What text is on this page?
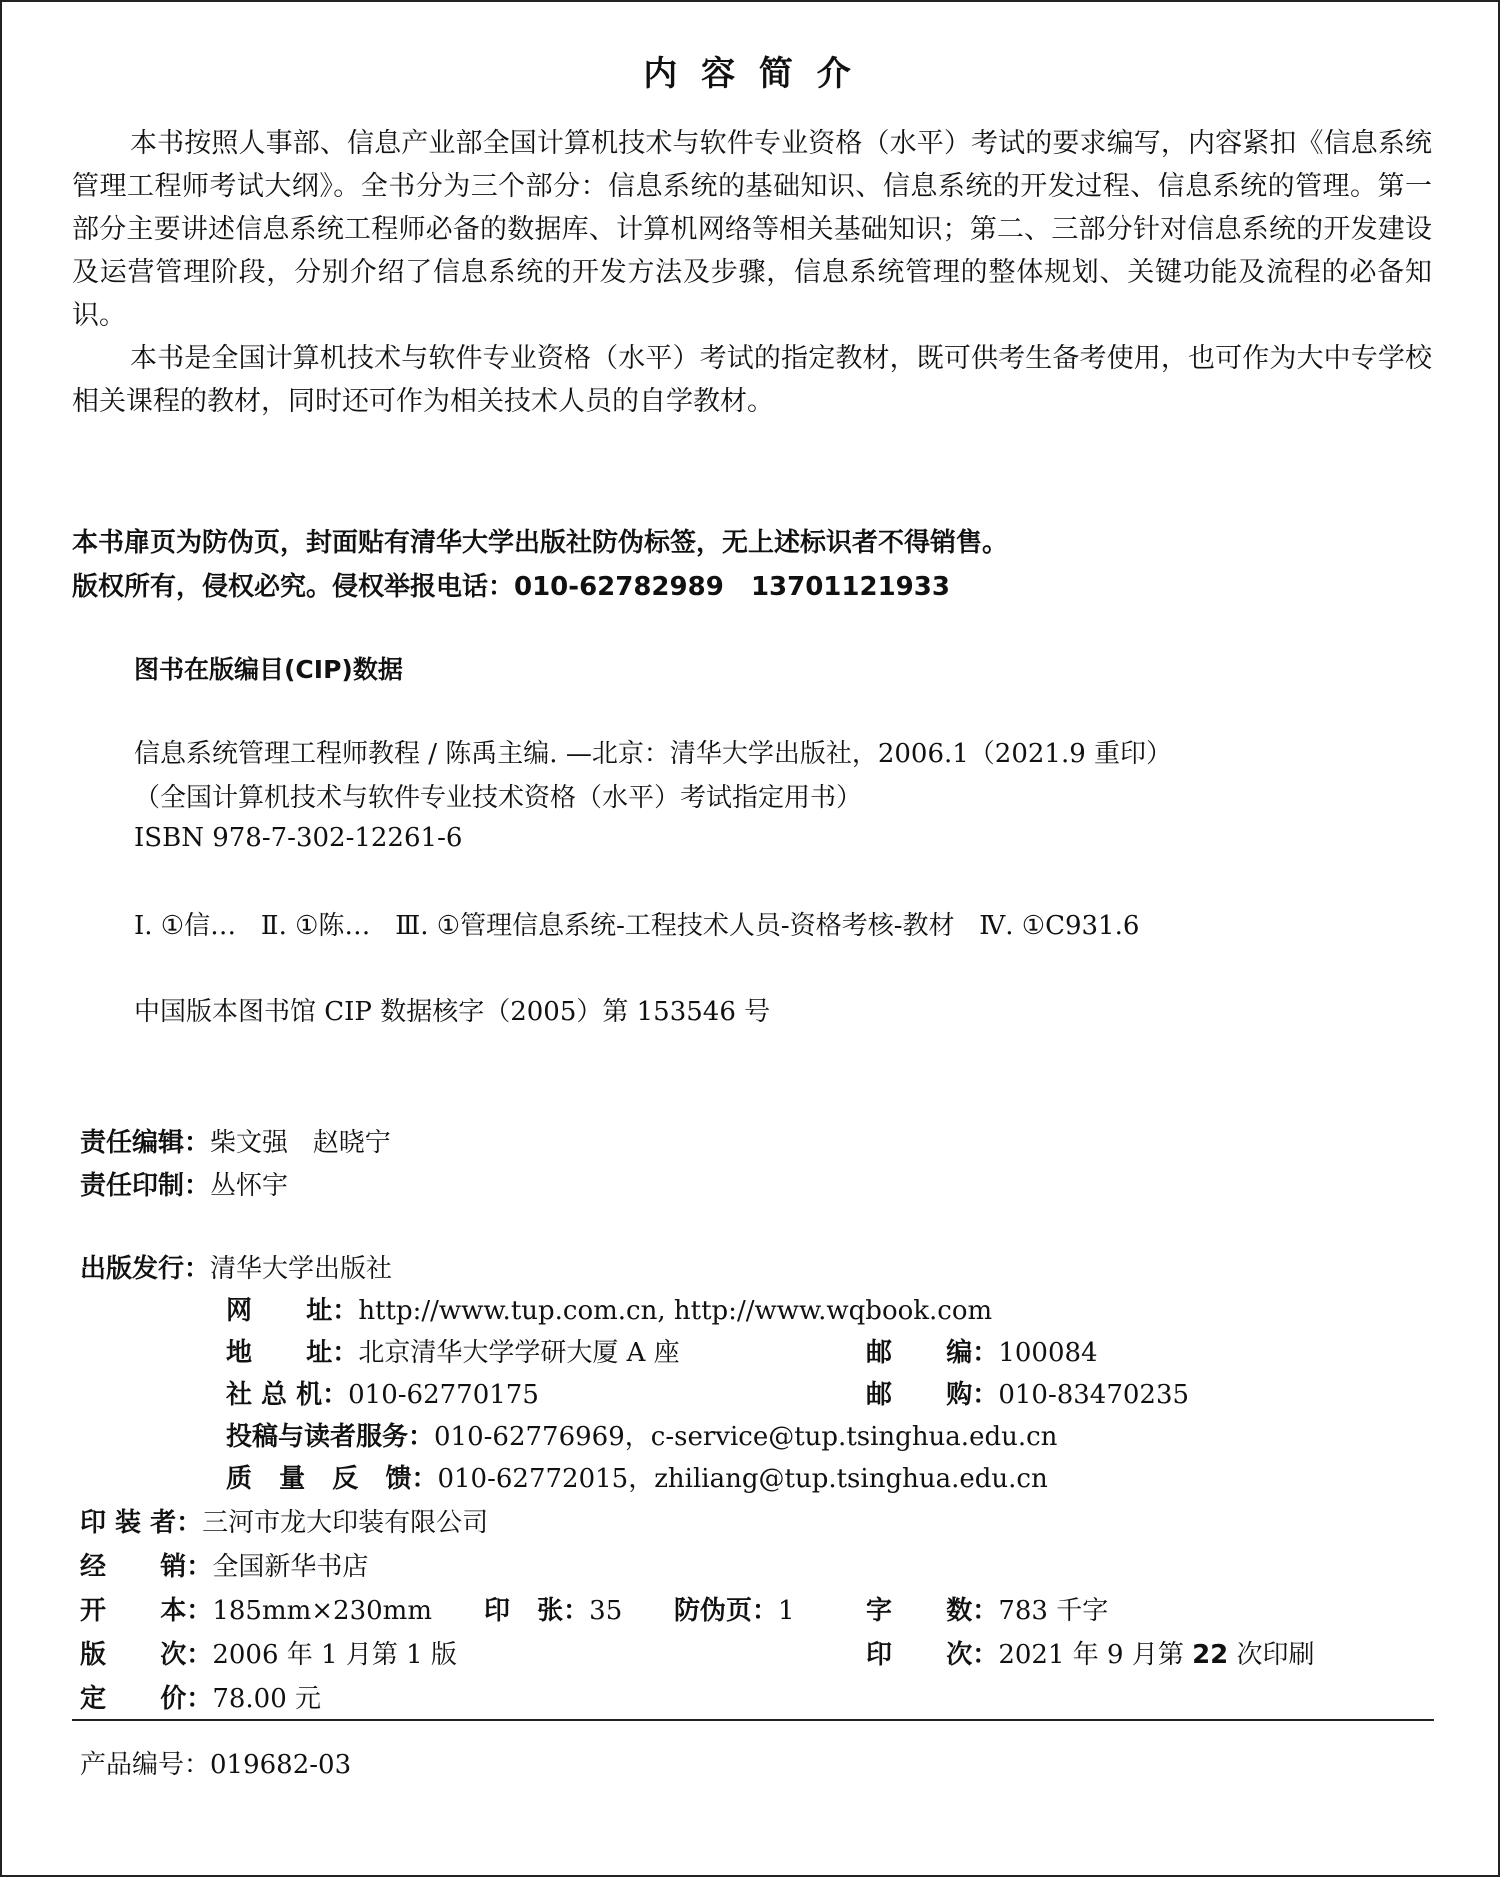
内 容 简 介

本书按照人事部、信息产业部全国计算机技术与软件专业资格（水平）考试的要求编写，内容紧扣《信息系统管理工程师考试大纲》。全书分为三个部分：信息系统的基础知识、信息系统的开发过程、信息系统的管理。第一部分主要讲述信息系统工程师必备的数据库、计算机网络等相关基础知识；第二、三部分针对信息系统的开发建设及运营管理阶段，分别介绍了信息系统的开发方法及步骤，信息系统管理的整体规划、关键功能及流程的必备知识。

本书是全国计算机技术与软件专业资格（水平）考试的指定教材，既可供考生备考使用，也可作为大中专学校相关课程的教材，同时还可作为相关技术人员的自学教材。

本书扉页为防伪页，封面贴有清华大学出版社防伪标签，无上述标识者不得销售。
版权所有，侵权必究。侵权举报电话：010-62782989   13701121933
图书在版编目(CIP)数据
信息系统管理工程师教程 / 陈禹主编. —北京：清华大学出版社，2006.1（2021.9 重印）
（全国计算机技术与软件专业技术资格（水平）考试指定用书）
ISBN 978-7-302-12261-6
Ⅰ. ①信…   Ⅱ. ①陈…   Ⅲ. ①管理信息系统-工程技术人员-资格考核-教材   Ⅳ. ①C931.6
中国版本图书馆 CIP 数据核字（2005）第 153546 号
责任编辑：柴文强   赵晓宁
责任印制：丛怀宇
出版发行：清华大学出版社
网      址：http://www.tup.com.cn, http://www.wqbook.com
地      址：北京清华大学学研大厦 A 座	邮      编：100084
社 总 机：010-62770175	邮      购：010-83470235
投稿与读者服务：010-62776969，c-service@tup.tsinghua.edu.cn
质   量   反   馈：010-62772015，zhiliang@tup.tsinghua.edu.cn
印 装 者：三河市龙大印装有限公司
经      销：全国新华书店
开      本：185mm×230mm 印   张：35 防伪页：1	字      数：783 千字
版      次：2006 年 1 月第 1 版	印      次：2021 年 9 月第 22 次印刷
定      价：78.00 元
产品编号：019682-03
